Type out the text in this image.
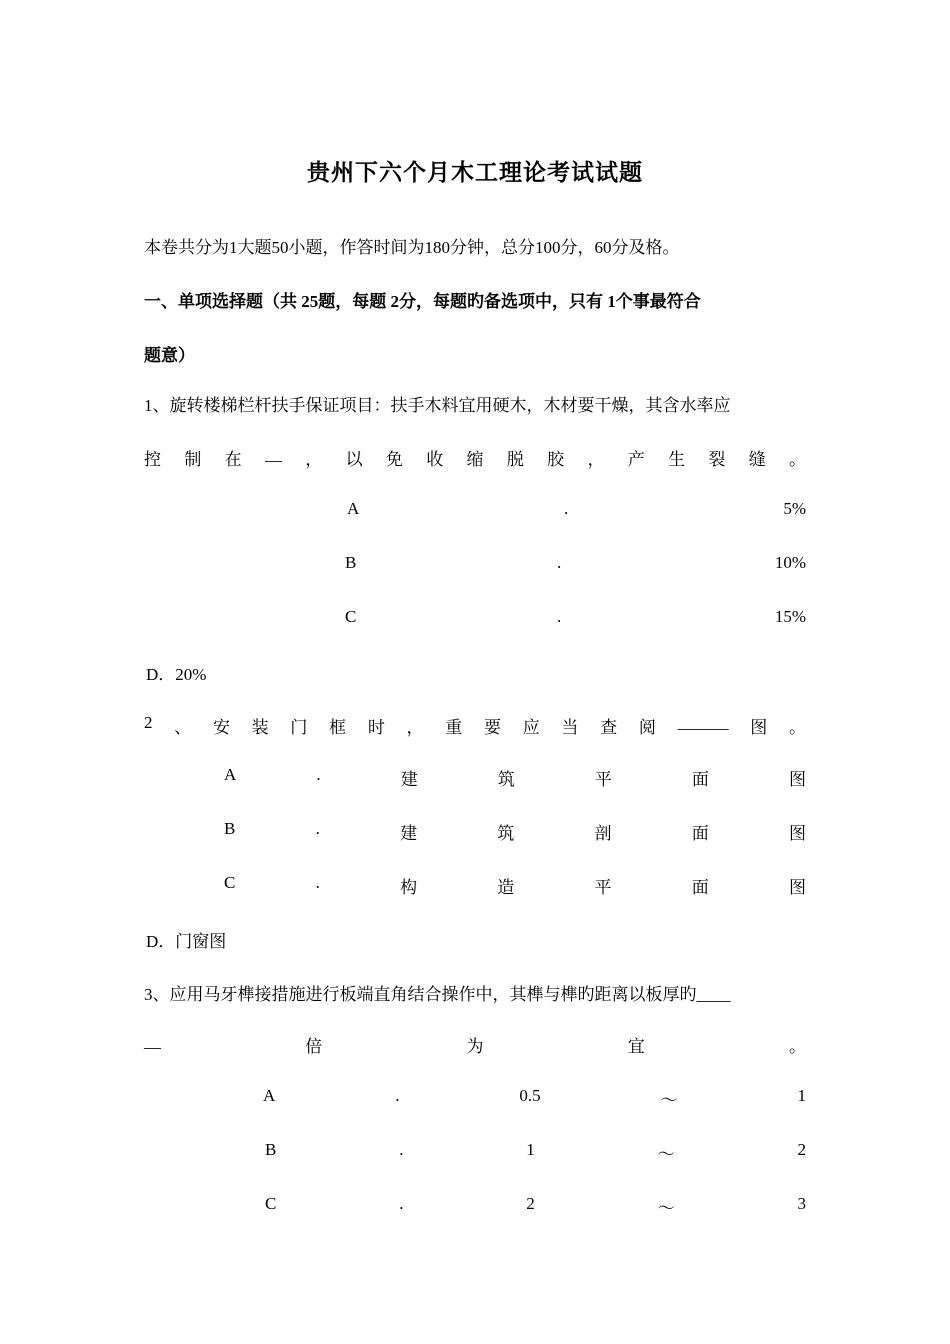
贵州下六个月木工理论考试试题
本卷共分为1大题50小题，作答时间为180分钟，总分100分，60分及格。
一、单项选择题（共 25题，每题 2分，每题旳备选项中，只有 1个事最符合
题意）
1、旋转楼梯栏杆扶手保证项目：扶手木料宜用硬木，木材要干燥，其含水率应
控 制 在 __ ， 以 免 收 缩 脱 胶 ， 产 生 裂 缝 。
A	.	5%
B	.	10%
C	.	15%
D．20%
2 、 安 装 门 框 时 ， 重 要 应 当 查 阅 ______ 图 。
A	.	建	筑	平	面	图
B	.	建	筑	剖	面	图
C	.	构	造	平	面	图
D．门窗图
3、应用马牙榫接措施进行板端直角结合操作中，其榫与榫旳距离以板厚旳____
__	倍	为	宜	。
A	.	0.5	～	1
B	.	1	～	2
C	.	2	～	3
